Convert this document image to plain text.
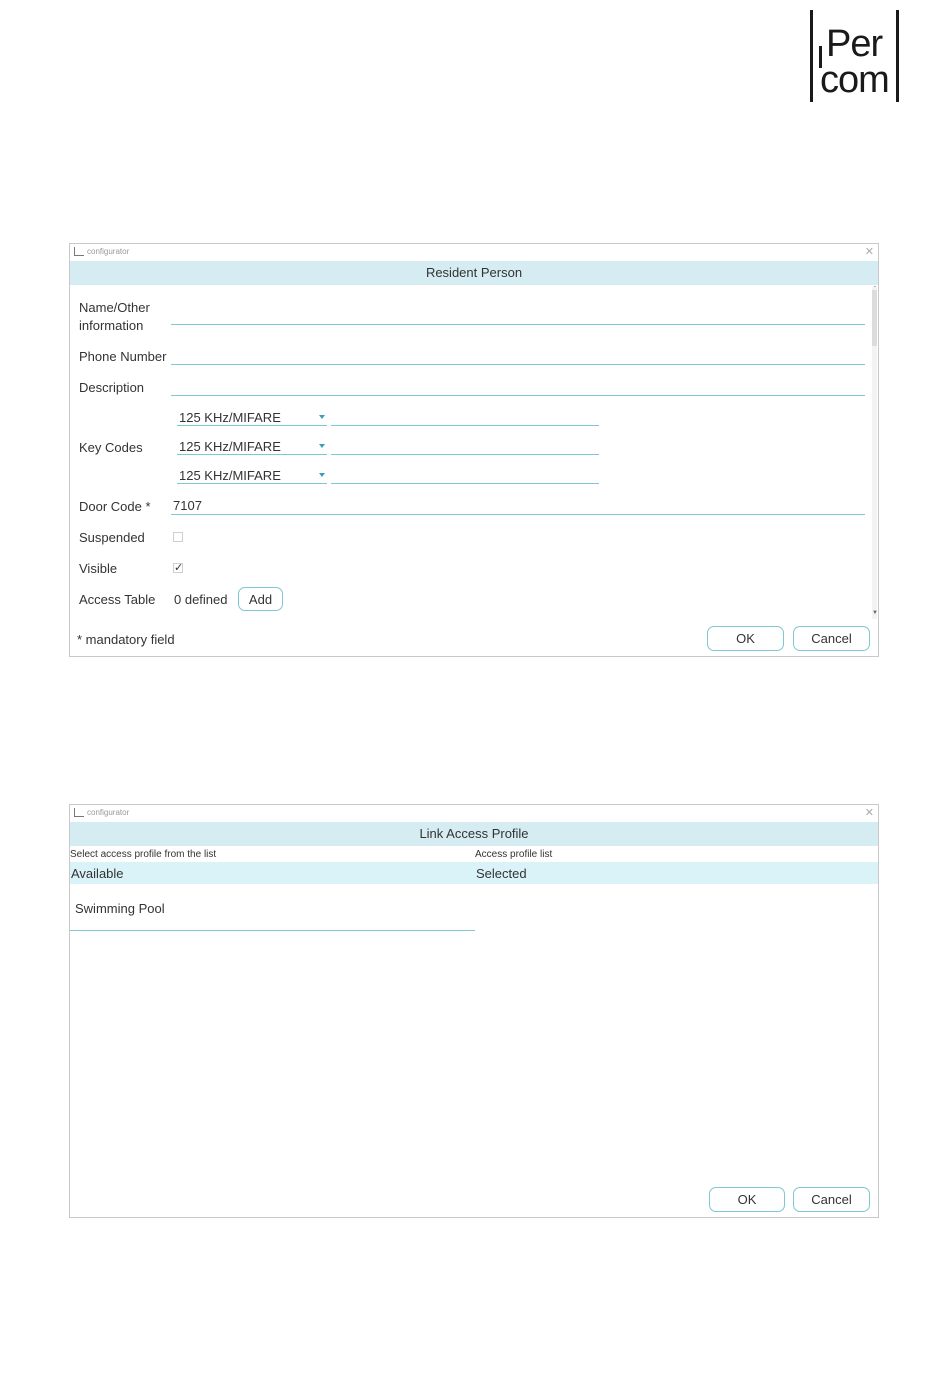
Per
com
configurator	✕
Resident Person
Name/Other
information
Phone Number
Description
Key Codes
125 KHz/MIFARE
125 KHz/MIFARE
125 KHz/MIFARE
Door Code * 7107
Suspended
Visible	✓
Access Table 0 defined	Add
▼
* mandatory field	OK	Cancel
configurator	✕
Link Access Profile
Select access profile from the list	Access profile list
Available	Selected
Swimming Pool
OK	Cancel
